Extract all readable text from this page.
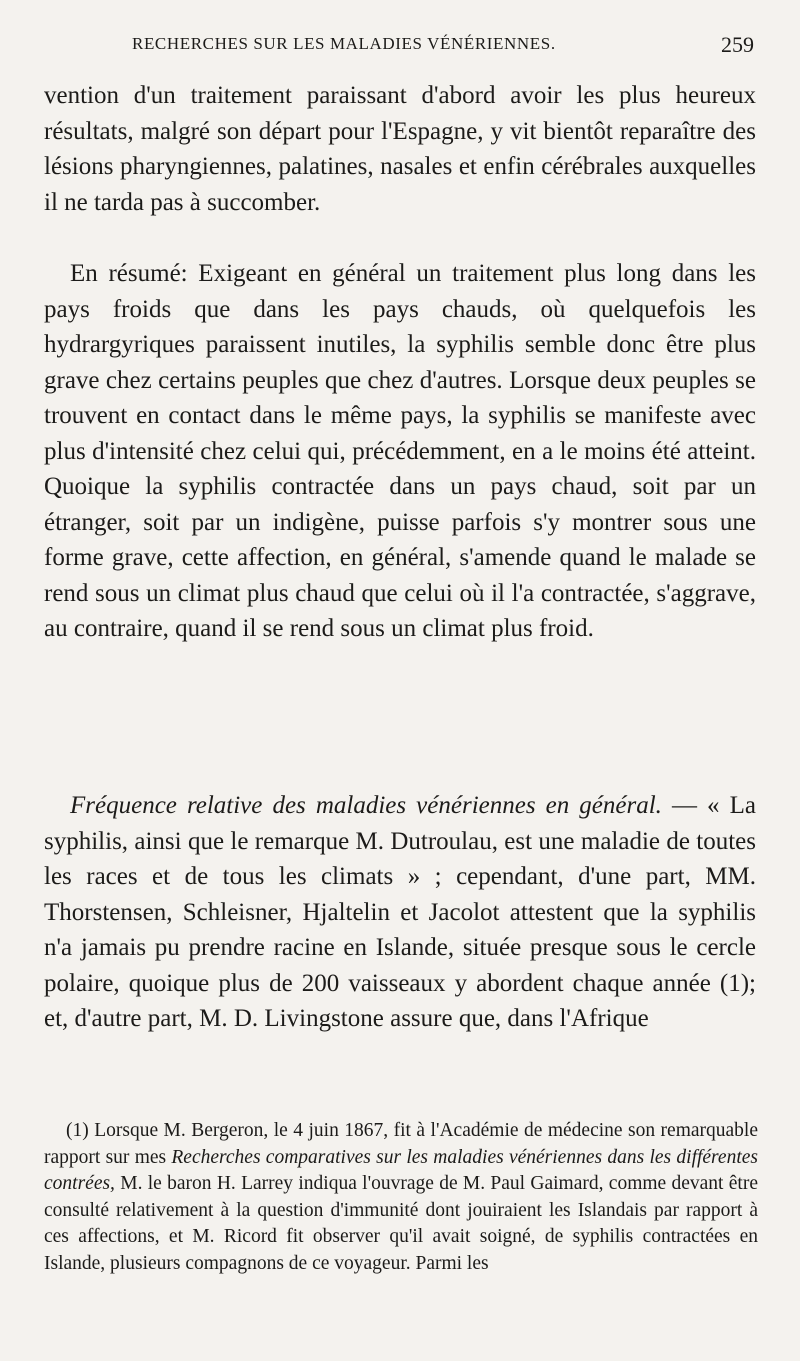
RECHERCHES SUR LES MALADIES VÉNÉRIENNES.	259

vention d'un traitement paraissant d'abord avoir les plus heureux résultats, malgré son départ pour l'Espagne, y vit bientôt reparaître des lésions pharyngiennes, palatines, nasales et enfin cérébrales auxquelles il ne tarda pas à succomber.

En résumé: Exigeant en général un traitement plus long dans les pays froids que dans les pays chauds, où quelquefois les hydrargyriques paraissent inutiles, la syphilis semble donc être plus grave chez certains peuples que chez d'autres. Lorsque deux peuples se trouvent en contact dans le même pays, la syphilis se manifeste avec plus d'intensité chez celui qui, précédemment, en a le moins été atteint. Quoique la syphilis contractée dans un pays chaud, soit par un étranger, soit par un indigène, puisse parfois s'y montrer sous une forme grave, cette affection, en général, s'amende quand le malade se rend sous un climat plus chaud que celui où il l'a contractée, s'aggrave, au contraire, quand il se rend sous un climat plus froid.

Fréquence relative des maladies vénériennes en général. — « La syphilis, ainsi que le remarque M. Dutroulau, est une maladie de toutes les races et de tous les climats » ; cependant, d'une part, MM. Thorstensen, Schleisner, Hjaltelin et Jacolot attestent que la syphilis n'a jamais pu prendre racine en Islande, située presque sous le cercle polaire, quoique plus de 200 vaisseaux y abordent chaque année (1); et, d'autre part, M. D. Livingstone assure que, dans l'Afrique

(1) Lorsque M. Bergeron, le 4 juin 1867, fit à l'Académie de médecine son remarquable rapport sur mes Recherches comparatives sur les maladies vénériennes dans les différentes contrées, M. le baron H. Larrey indiqua l'ouvrage de M. Paul Gaimard, comme devant être consulté relativement à la question d'immunité dont jouiraient les Islandais par rapport à ces affections, et M. Ricord fit observer qu'il avait soigné, de syphilis contractées en Islande, plusieurs compagnons de ce voyageur. Parmi les
